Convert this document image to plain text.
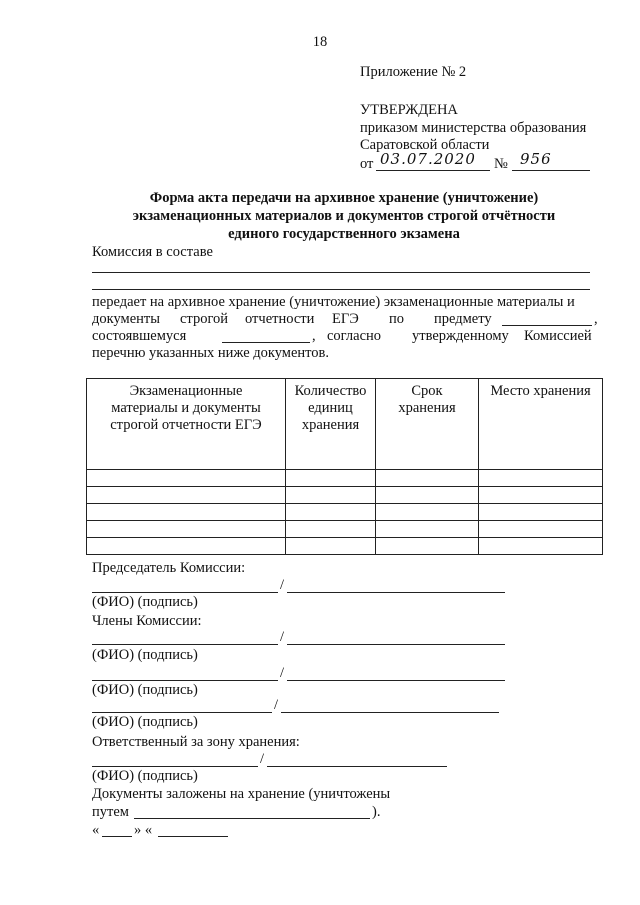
18
Приложение № 2
УТВЕРЖДЕНА
приказом министерства образования
Саратовской области
от 03.07.2020 № 956
Форма акта передачи на архивное хранение (уничтожение)
экзаменационных материалов и документов строгой отчётности
единого государственного экзамена
Комиссия в составе
передает на архивное хранение (уничтожение) экзаменационные материалы и
документы строгой отчетности ЕГЭ по предмету	,
состоявшемуся	, согласно утвержденному Комиссией
перечню указанных ниже документов.
Экзаменационные материалы и документы строгой отчетности ЕГЭ	Количество единиц хранения	Срок хранения	Место хранения

Председатель Комиссии:
/
(ФИО) (подпись)
Члены Комиссии:
/
(ФИО) (подпись)
/
(ФИО) (подпись)
/
(ФИО) (подпись)
Ответственный за зону хранения:
/
(ФИО) (подпись)
Документы заложены на хранение (уничтожены
путем	).
« » «
